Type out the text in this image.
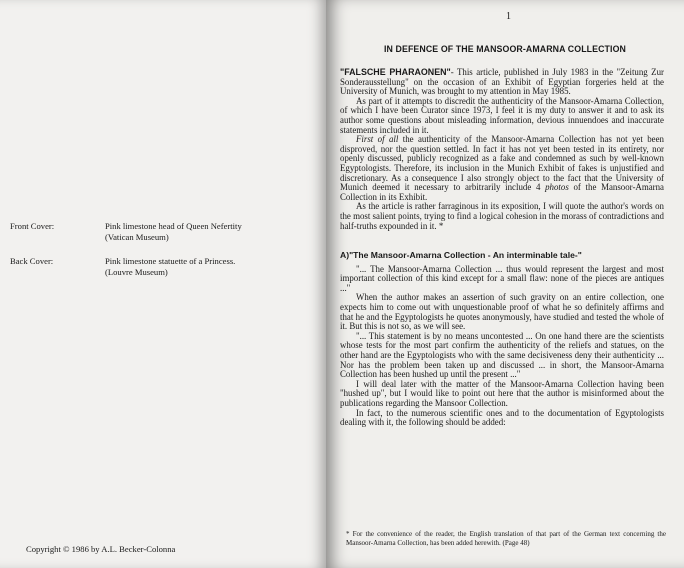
Front Cover:	Pink limestone head of Queen Nefertity (Vatican Museum)
Back Cover:	Pink limestone statuette of a Princess.(Louvre Museum)
Copyright © 1986 by A.L. Becker-Colonna
1
IN DEFENCE OF THE MANSOOR-AMARNA COLLECTION

"FALSCHE PHARAONEN"- This article, published in July 1983 in the "Zeitung Zur Sonderausstellung" on the occasion of an Exhibit of Egyptian forgeries held at the University of Munich, was brought to my attention in May 1985.

As part of it attempts to discredit the authenticity of the Mansoor-Amarna Collection, of which I have been Curator since 1973, I feel it is my duty to answer it and to ask its author some questions about misleading information, devious innuendoes and inaccurate statements included in it.

First of all the authenticity of the Mansoor-Amarna Collection has not yet been disproved, nor the question settled. In fact it has not yet been tested in its entirety, nor openly discussed, publicly recognized as a fake and condemned as such by well-known Egyptologists. Therefore, its inclusion in the Munich Exhibit of fakes is unjustified and discretionary. As a consequence I also strongly object to the fact that the University of Munich deemed it necessary to arbitrarily include 4 photos of the Mansoor-Amarna Collection in its Exhibit.

As the article is rather farraginous in its exposition, I will quote the author's words on the most salient points, trying to find a logical cohesion in the morass of contradictions and half-truths expounded in it. *

A)"The Mansoor-Amarna Collection - An interminable tale-"

"... The Mansoor-Amarna Collection ... thus would represent the largest and most important collection of this kind except for a small flaw: none of the pieces are antiques ..."

When the author makes an assertion of such gravity on an entire collection, one expects him to come out with unquestionable proof of what he so definitely affirms and that he and the Egyptologists he quotes anonymously, have studied and tested the whole of it. But this is not so, as we will see.

"... This statement is by no means uncontested ... On one hand there are the scientists whose tests for the most part confirm the authenticity of the reliefs and statues, on the other hand are the Egyptologists who with the same decisiveness deny their authenticity ... Nor has the problem been taken up and discussed ... in short, the Mansoor-Amarna Collection has been hushed up until the present ..."

I will deal later with the matter of the Mansoor-Amarna Collection having been "hushed up", but I would like to point out here that the author is misinformed about the publications regarding the Mansoor Collection.

In fact, to the numerous scientific ones and to the documentation of Egyptologists dealing with it, the following should be added:

* For the convenience of the reader, the English translation of that part of the German text concerning the Mansoor-Amarna Collection, has been added herewith. (Page 48)
